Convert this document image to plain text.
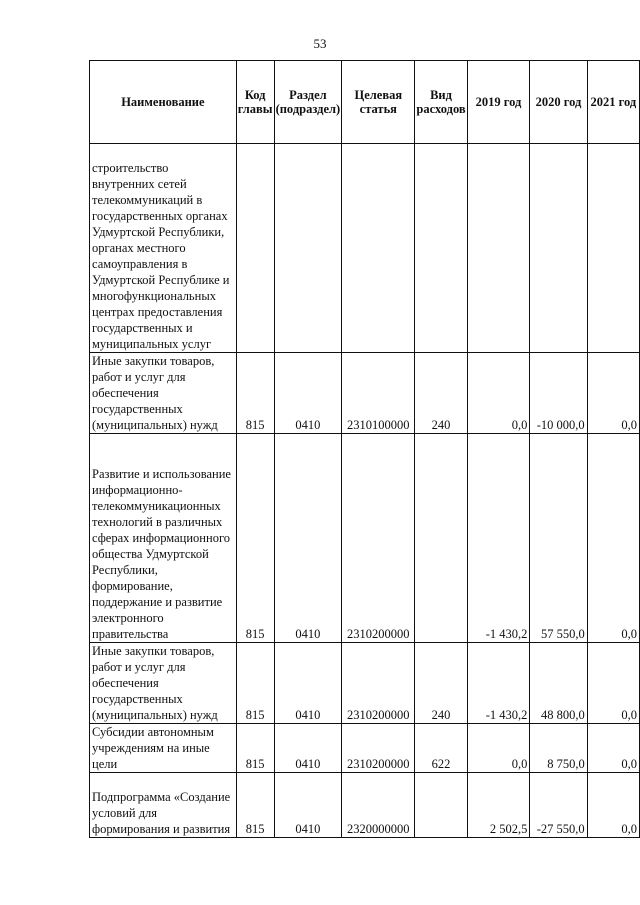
53
Наименование	Код главы	Раздел (подраздел)	Целевая статья	Вид расходов	2019 год	2020 год	2021 год
строительство внутренних сетей телекоммуникаций в государственных органах Удмуртской Республики, органах местного самоуправления в Удмуртской Республике и многофункциональных центрах предоставления государственных и муниципальных услуг							
Иные закупки товаров, работ и услуг для обеспечения государственных (муниципальных) нужд	815	0410	2310100000	240	0,0	-10 000,0	0,0
Развитие и использование информационно-телекоммуникационных технологий в различных сферах информационного общества Удмуртской Республики, формирование, поддержание и развитие электронного правительства	815	0410	2310200000		-1 430,2	57 550,0	0,0
Иные закупки товаров, работ и услуг для обеспечения государственных (муниципальных) нужд	815	0410	2310200000	240	-1 430,2	48 800,0	0,0
Субсидии автономным учреждениям на иные цели	815	0410	2310200000	622	0,0	8 750,0	0,0
Подпрограмма «Создание условий для формирования и развития	815	0410	2320000000		2 502,5	-27 550,0	0,0
